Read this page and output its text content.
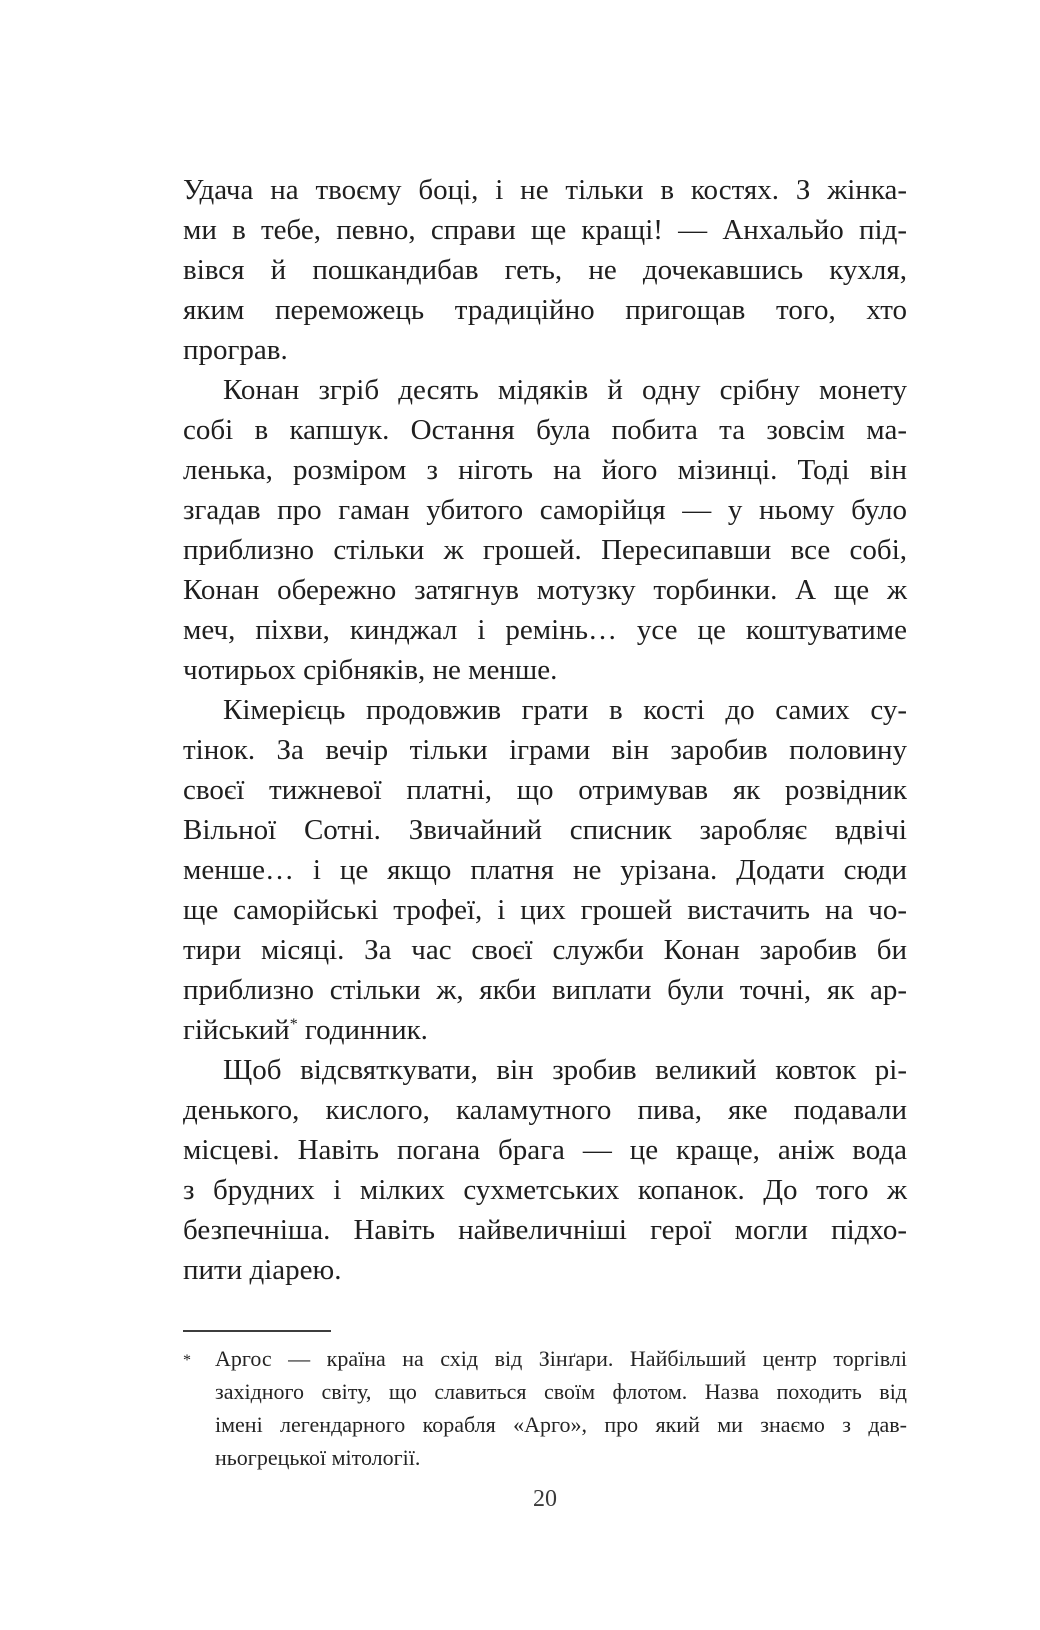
Удача на твоєму боці, і не тільки в костях. З жінка-
ми в тебе, певно, справи ще кращі! — Анхальйо під-
вівся й пошкандибав геть, не дочекавшись кухля,
яким переможець традиційно пригощав того, хто
програв.

Конан згріб десять мідяків й одну срібну монету
собі в капшук. Остання була побита та зовсім ма-
ленька, розміром з ніготь на його мізинці. Тоді він
згадав про гаман убитого саморійця — у ньому було
приблизно стільки ж грошей. Пересипавши все собі,
Конан обережно затягнув мотузку торбинки. А ще ж
меч, піхви, кинджал і ремінь… усе це коштуватиме
чотирьох срібняків, не менше.

Кімерієць продовжив грати в кості до самих су-
тінок. За вечір тільки іграми він заробив половину
своєї тижневої платні, що отримував як розвідник
Вільної Сотні. Звичайний списник заробляє вдвічі
менше… і це якщо платня не урізана. Додати сюди
ще саморійські трофеї, і цих грошей вистачить на чо-
тири місяці. За час своєї служби Конан заробив би
приблизно стільки ж, якби виплати були точні, як ар-
гійський* годинник.

Щоб відсвяткувати, він зробив великий ковток рі-
денького, кислого, каламутного пива, яке подавали
місцеві. Навіть погана брага — це краще, аніж вода
з брудних і мілких сухметських копанок. До того ж
безпечніша. Навіть найвеличніші герої могли підхо-
пити діарею.

*	Аргос — країна на схід від Зінґари. Найбільший центр торгівлі
західного світу, що славиться своїм флотом. Назва походить від
імені легендарного корабля «Арго», про який ми знаємо з дав-
ньогрецької мітології.
20
